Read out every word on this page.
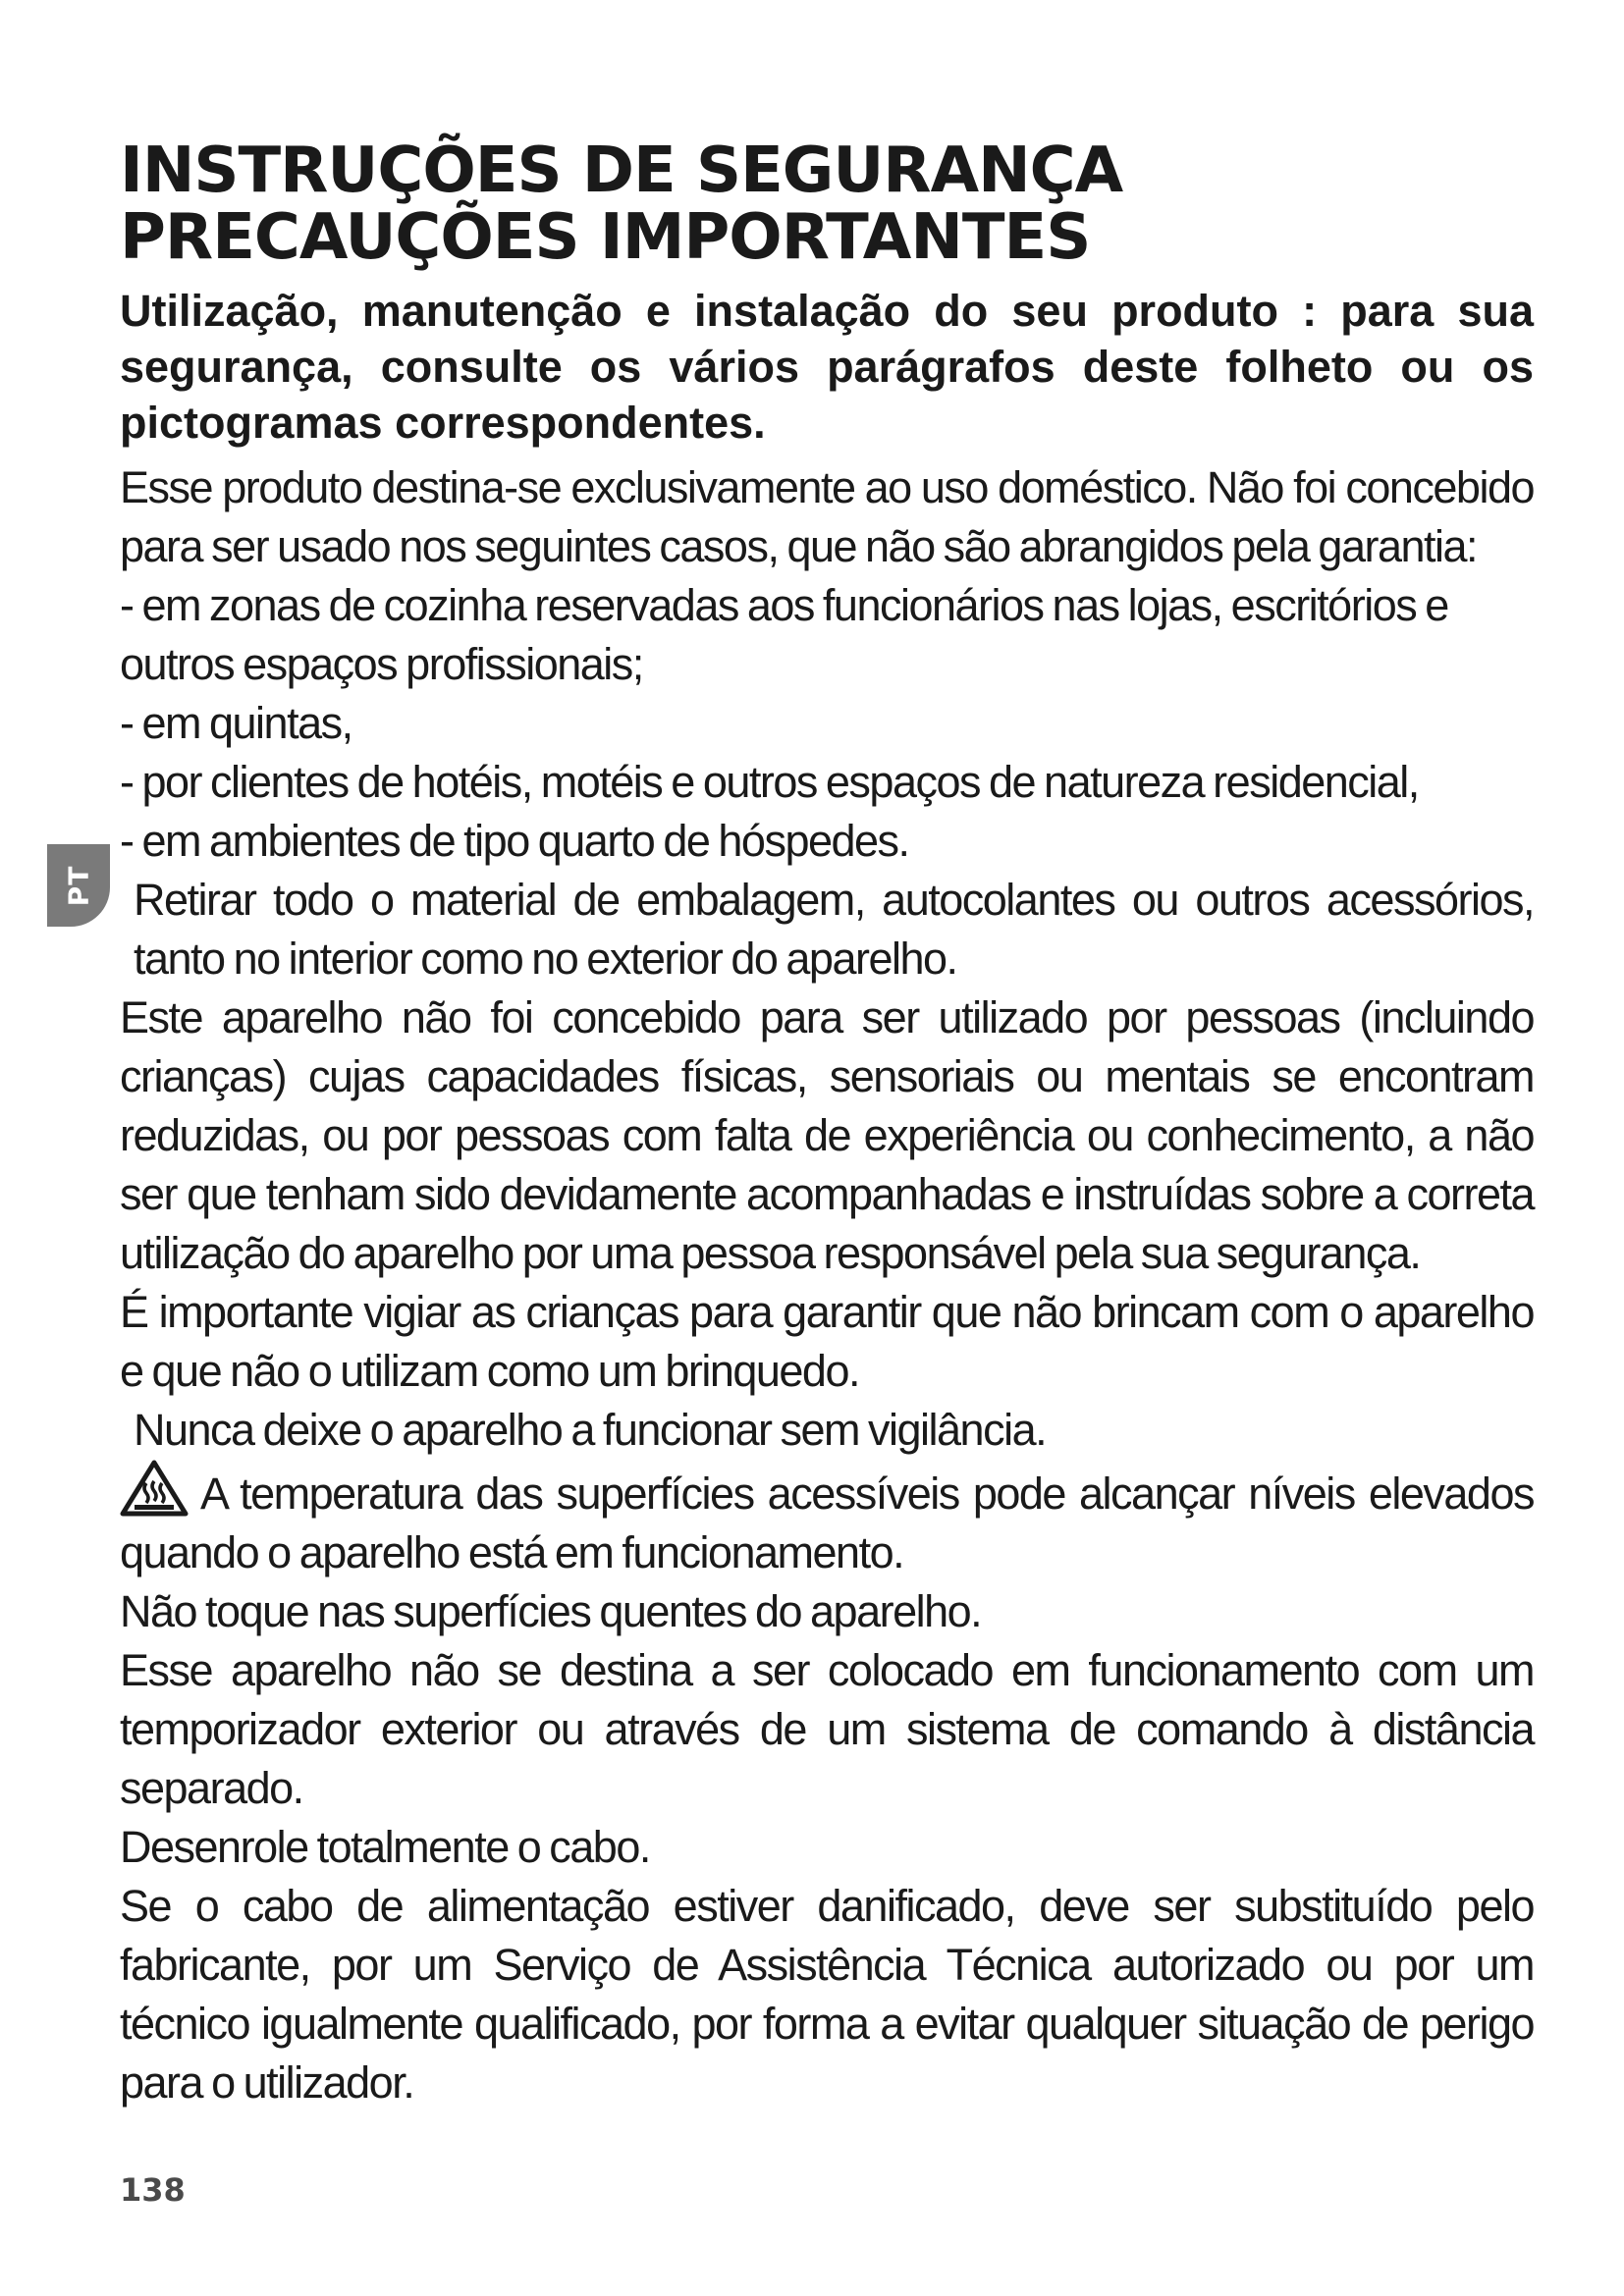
PT
INSTRUÇÕES DE SEGURANÇA PRECAUÇÕES IMPORTANTES

Utilização, manutenção e instalação do seu produto : para sua segurança, consulte os vários parágrafos deste folheto ou os pictogramas correspondentes.

Esse produto destina-se exclusivamente ao uso doméstico. Não foi concebido para ser usado nos seguintes casos, que não são abrangidos pela garantia:

- em zonas de cozinha reservadas aos funcionários nas lojas, escritórios e outros espaços profissionais;

- em quintas,

- por clientes de hotéis, motéis e outros espaços de natureza residencial,

- em ambientes de tipo quarto de hóspedes.

Retirar todo o material de embalagem, autocolantes ou outros acessórios, tanto no interior como no exterior do aparelho.

Este aparelho não foi concebido para ser utilizado por pessoas (incluindo crianças) cujas capacidades físicas, sensoriais ou mentais se encontram reduzidas, ou por pessoas com falta de experiência ou conhecimento, a não ser que tenham sido devidamente acompanhadas e instruídas sobre a correta utilização do aparelho por uma pessoa responsável pela sua segurança.

É importante vigiar as crianças para garantir que não brincam com o aparelho e que não o utilizam como um brinquedo.

Nunca deixe o aparelho a funcionar sem vigilância.

A temperatura das superfícies acessíveis pode alcançar níveis elevados quando o aparelho está em funcionamento.

Não toque nas superfícies quentes do aparelho.

Esse aparelho não se destina a ser colocado em funcionamento com um temporizador exterior ou através de um sistema de comando à distância separado.

Desenrole totalmente o cabo.

Se o cabo de alimentação estiver danificado, deve ser substituído pelo fabricante, por um Serviço de Assistência Técnica autorizado ou por um técnico igualmente qualificado, por forma a evitar qualquer situação de perigo para o utilizador.

138
